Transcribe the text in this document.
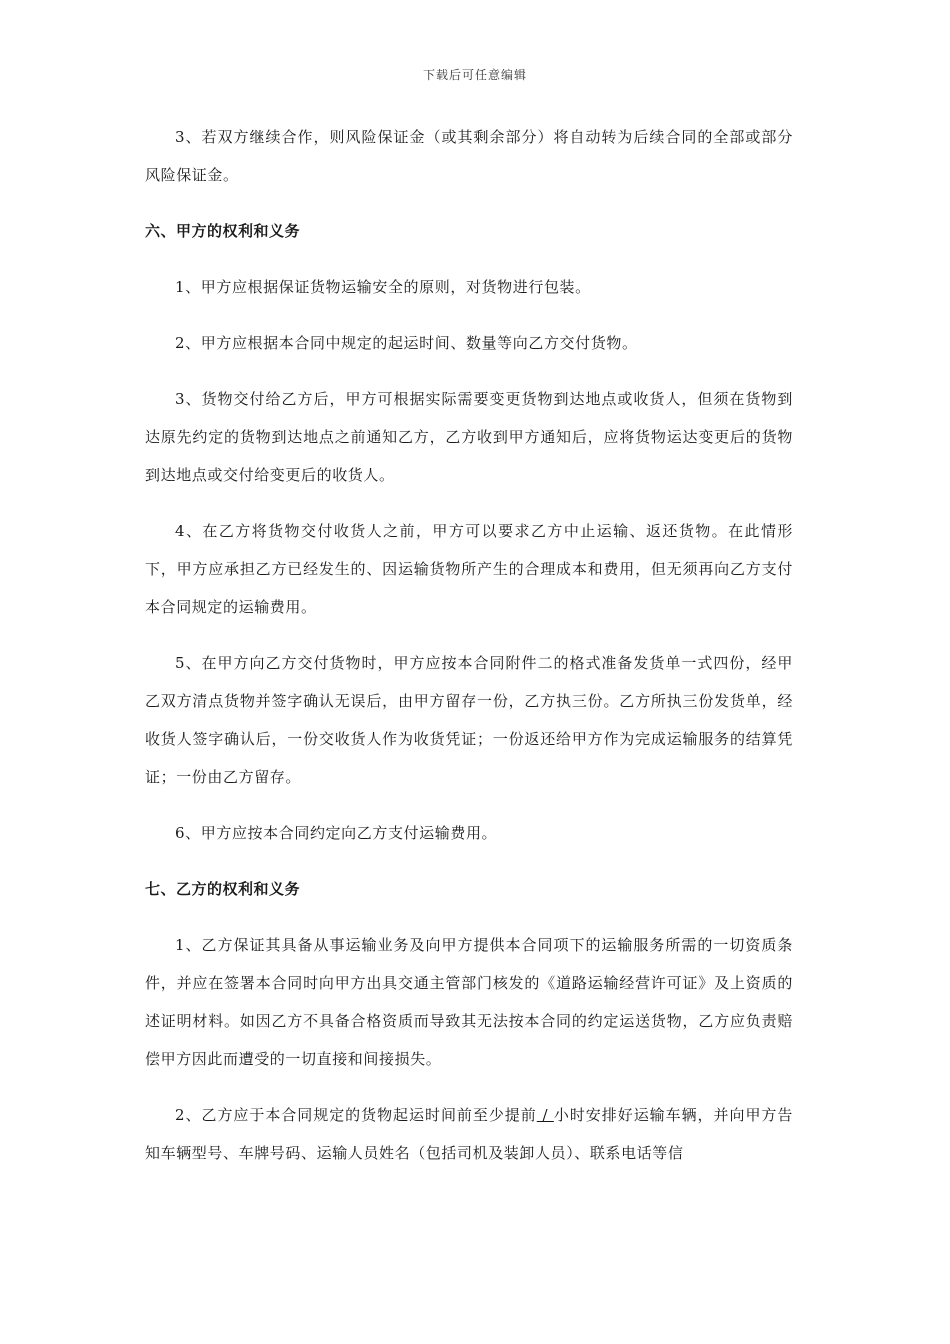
下载后可任意编辑

3、若双方继续合作，则风险保证金（或其剩余部分）将自动转为后续合同的全部或部分风险保证金。

六、甲方的权利和义务

1、甲方应根据保证货物运输安全的原则，对货物进行包装。

2、甲方应根据本合同中规定的起运时间、数量等向乙方交付货物。

3、货物交付给乙方后，甲方可根据实际需要变更货物到达地点或收货人，但须在货物到达原先约定的货物到达地点之前通知乙方，乙方收到甲方通知后，应将货物运达变更后的货物到达地点或交付给变更后的收货人。

4、在乙方将货物交付收货人之前，甲方可以要求乙方中止运输、返还货物。在此情形下，甲方应承担乙方已经发生的、因运输货物所产生的合理成本和费用，但无须再向乙方支付本合同规定的运输费用。

5、在甲方向乙方交付货物时，甲方应按本合同附件二的格式准备发货单一式四份，经甲乙双方清点货物并签字确认无误后，由甲方留存一份，乙方执三份。乙方所执三份发货单，经收货人签字确认后，一份交收货人作为收货凭证；一份返还给甲方作为完成运输服务的结算凭证；一份由乙方留存。

6、甲方应按本合同约定向乙方支付运输费用。

七、乙方的权利和义务

1、乙方保证其具备从事运输业务及向甲方提供本合同项下的运输服务所需的一切资质条件，并应在签署本合同时向甲方出具交通主管部门核发的《道路运输经营许可证》及上资质的述证明材料。如因乙方不具备合格资质而导致其无法按本合同的约定运送货物，乙方应负责赔偿甲方因此而遭受的一切直接和间接损失。

2、乙方应于本合同规定的货物起运时间前至少提前 / 小时安排好运输车辆，并向甲方告知车辆型号、车牌号码、运输人员姓名（包括司机及装卸人员）、联系电话等信
